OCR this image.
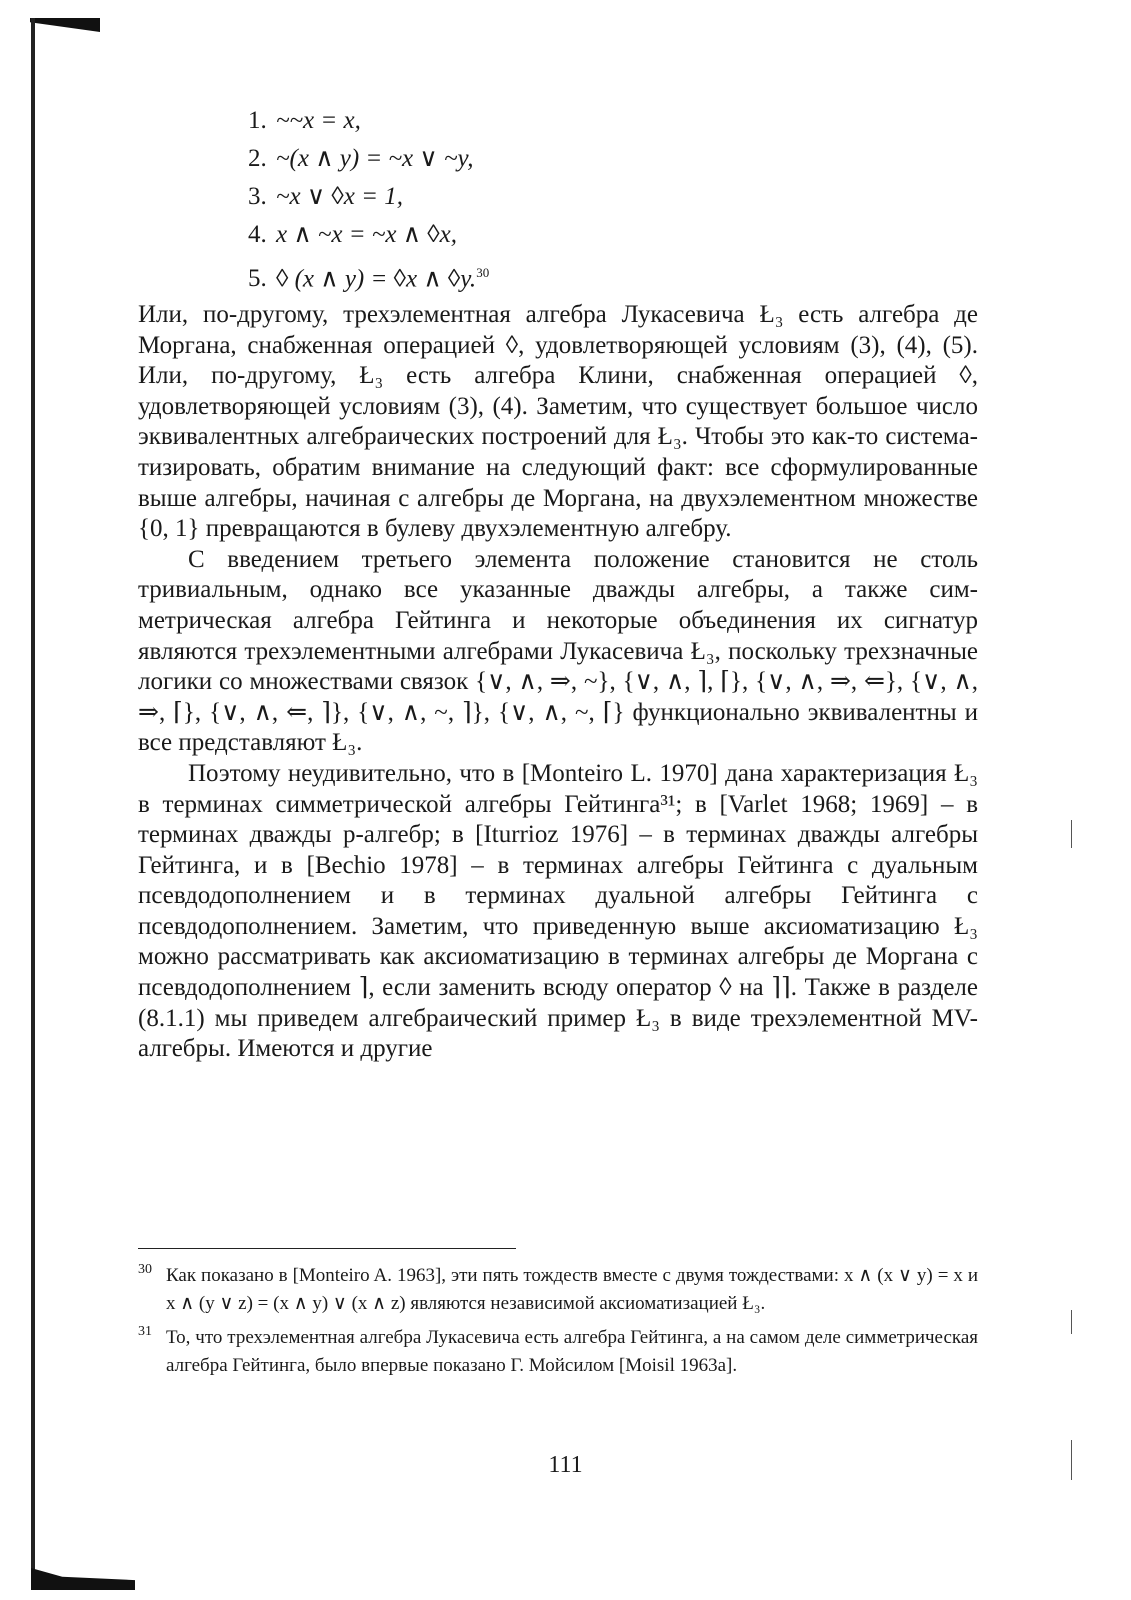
1. ~~x = x,
2. ~(x ∧ y) = ~x ∨ ~y,
3. ~x ∨ ◊x = 1,
4. x ∧ ~x = ~x ∧ ◊x,
5. ◊ (x ∧ y) = ◊x ∧ ◊y.$^{30}$

Или, по-другому, трехэлементная алгебра Лукасевича Ł₃ есть алгебра де Моргана, снабженная операцией ◊, удовлетворяющей условиям (3), (4), (5). Или, по-другому, Ł₃ есть алгебра Клини, снабженная операцией ◊, удовлетворяющей условиям (3), (4). Заметим, что существует большое число эквивалентных алгебраических построений для Ł₃. Чтобы это как-то систематизировать, обратим внимание на следующий факт: все сформулированные выше алгебры, начиная с алгебры де Моргана, на двухэлементном множестве {0, 1} превращаются в булеву двухэлементную алгебру.

С введением третьего элемента положение становится не столь тривиальным, однако все указанные дважды алгебры, а также симметрическая алгебра Гейтинга и некоторые объединения их сигнатур являются трехэлементными алгебрами Лукасевича Ł₃, поскольку трехзначные логики со множествами связок {∨, ∧, ⇒, ~}, {∨, ∧, ⌉, ⌈}, {∨, ∧, ⇒, ⇐}, {∨, ∧, ⇒, ⌈}, {∨, ∧, ⇐, ⌉}, {∨, ∧, ~, ⌉}, {∨, ∧, ~, ⌈} функционально эквивалентны и все представляют Ł₃.

Поэтому неудивительно, что в [Monteiro L. 1970] дана характеризация Ł₃ в терминах симметрической алгебры Гейтинга³¹; в [Varlet 1968; 1969] – в терминах дважды p-алгебр; в [Iturrioz 1976] – в терминах дважды алгебры Гейтинга, и в [Bechio 1978] – в терминах алгебры Гейтинга с дуальным псевдодополнением и в терминах дуальной алгебры Гейтинга с псевдодополнением. Заметим, что приведенную выше аксиоматизацию Ł₃ можно рассматривать как аксиоматизацию в терминах алгебры де Моргана с псевдодополнением ⌉, если заменить всюду оператор ◊ на ⌉⌉. Также в разделе (8.1.1) мы приведем алгебраический пример Ł₃ в виде трехэлементной MV-алгебры. Имеются и другие

30 Как показано в [Monteiro A. 1963], эти пять тождеств вместе с двумя тождествами: x ∧ (x ∨ y) = x и x ∧ (y ∨ z) = (x ∧ y) ∨ (x ∧ z) являются независимой аксиоматизацией Ł₃.
31 То, что трехэлементная алгебра Лукасевича есть алгебра Гейтинга, а на самом деле симметрическая алгебра Гейтинга, было впервые показано Г. Мойсилом [Moisil 1963a].
111
